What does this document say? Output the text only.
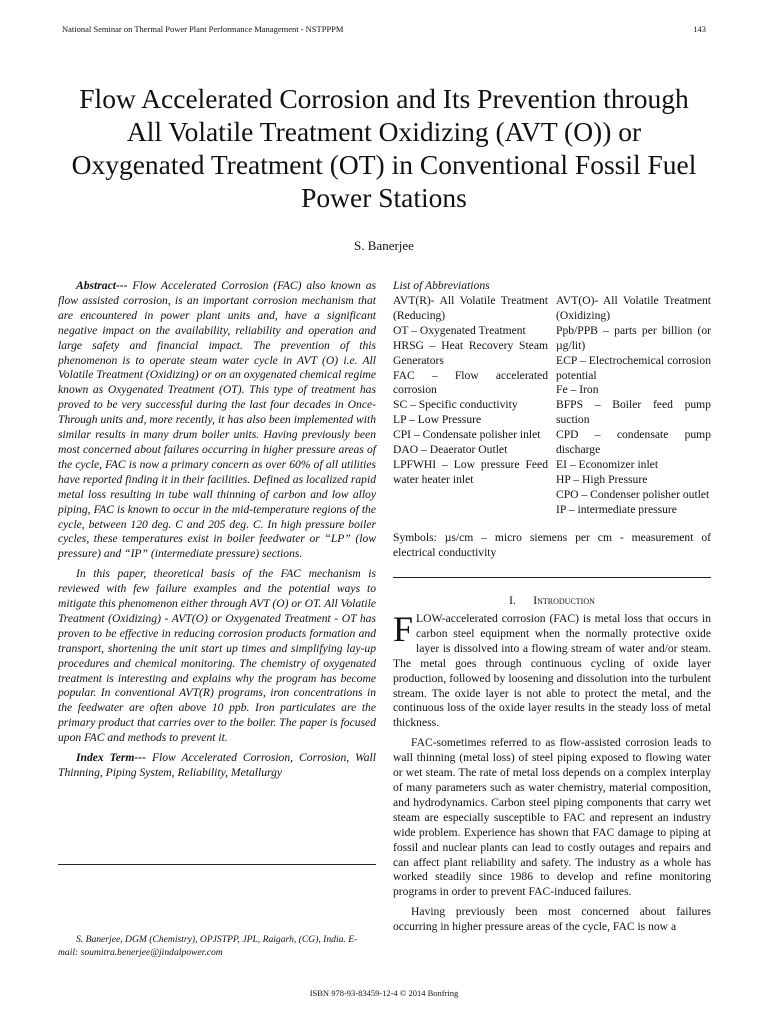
National Seminar on Thermal Power Plant Performance Management - NSTPPPM	143
Flow Accelerated Corrosion and Its Prevention through All Volatile Treatment Oxidizing (AVT (O)) or Oxygenated Treatment (OT) in Conventional Fossil Fuel Power Stations
S. Banerjee

Abstract--- Flow Accelerated Corrosion (FAC) also known as flow assisted corrosion, is an important corrosion mechanism that are encountered in power plant units and, have a significant negative impact on the availability, reliability and operation and large safety and financial impact. The prevention of this phenomenon is to operate steam water cycle in AVT (O) i.e. All Volatile Treatment (Oxidizing) or on an oxygenated chemical regime known as Oxygenated Treatment (OT). This type of treatment has proved to be very successful during the last four decades in Once-Through units and, more recently, it has also been implemented with similar results in many drum boiler units. Having previously been most concerned about failures occurring in higher pressure areas of the cycle, FAC is now a primary concern as over 60% of all utilities have reported finding it in their facilities. Defined as localized rapid metal loss resulting in tube wall thinning of carbon and low alloy piping, FAC is known to occur in the mid-temperature regions of the cycle, between 120 deg. C and 205 deg. C. In high pressure boiler cycles, these temperatures exist in boiler feedwater or “LP” (low pressure) and “IP” (intermediate pressure) sections.

In this paper, theoretical basis of the FAC mechanism is reviewed with few failure examples and the potential ways to mitigate this phenomenon either through AVT (O) or OT. All Volatile Treatment (Oxidizing) - AVT(O) or Oxygenated Treatment - OT has proven to be effective in reducing corrosion products formation and transport, shortening the unit start up times and simplifying lay-up procedures and chemical monitoring. The chemistry of oxygenated treatment is interesting and explains why the program has become popular. In conventional AVT(R) programs, iron concentrations in the feedwater are often above 10 ppb. Iron particulates are the primary product that carries over to the boiler. The paper is focused upon FAC and methods to prevent it.

Index Term--- Flow Accelerated Corrosion, Corrosion, Wall Thinning, Piping System, Reliability, Metallurgy

S. Banerjee, DGM (Chemistry), OPJSTPP, JPL, Raigarh, (CG), India. E-mail: soumitra.benerjee@jindalpower.com
List of Abbreviations
AVT(R)- All Volatile Treatment (Reducing)
OT – Oxygenated Treatment
HRSG – Heat Recovery Steam Generators
FAC – Flow accelerated corrosion
SC – Specific conductivity
LP – Low Pressure
CPI – Condensate polisher inlet
DAO – Deaerator Outlet
LPFWHI – Low pressure Feed water heater inlet
AVT(O)- All Volatile Treatment (Oxidizing)
Ppb/PPB – parts per billion (or µg/lit)
ECP – Electrochemical corrosion potential
Fe – Iron
BFPS – Boiler feed pump suction
CPD – condensate pump discharge
EI – Economizer inlet
HP – High Pressure
CPO – Condenser polisher outlet
IP – intermediate pressure
Symbols: µs/cm – micro siemens per cm - measurement of electrical conductivity
I. Introduction

FLOW-accelerated corrosion (FAC) is metal loss that occurs in carbon steel equipment when the normally protective oxide layer is dissolved into a flowing stream of water and/or steam. The metal goes through continuous cycling of oxide layer production, followed by loosening and dissolution into the turbulent stream. The oxide layer is not able to protect the metal, and the continuous loss of the oxide layer results in the steady loss of metal thickness.

FAC-sometimes referred to as flow-assisted corrosion leads to wall thinning (metal loss) of steel piping exposed to flowing water or wet steam. The rate of metal loss depends on a complex interplay of many parameters such as water chemistry, material composition, and hydrodynamics. Carbon steel piping components that carry wet steam are especially susceptible to FAC and represent an industry wide problem. Experience has shown that FAC damage to piping at fossil and nuclear plants can lead to costly outages and repairs and can affect plant reliability and safety. The industry as a whole has worked steadily since 1986 to develop and refine monitoring programs in order to prevent FAC-induced failures.

Having previously been most concerned about failures occurring in higher pressure areas of the cycle, FAC is now a

ISBN 978-93-83459-12-4 © 2014 Bonfring
